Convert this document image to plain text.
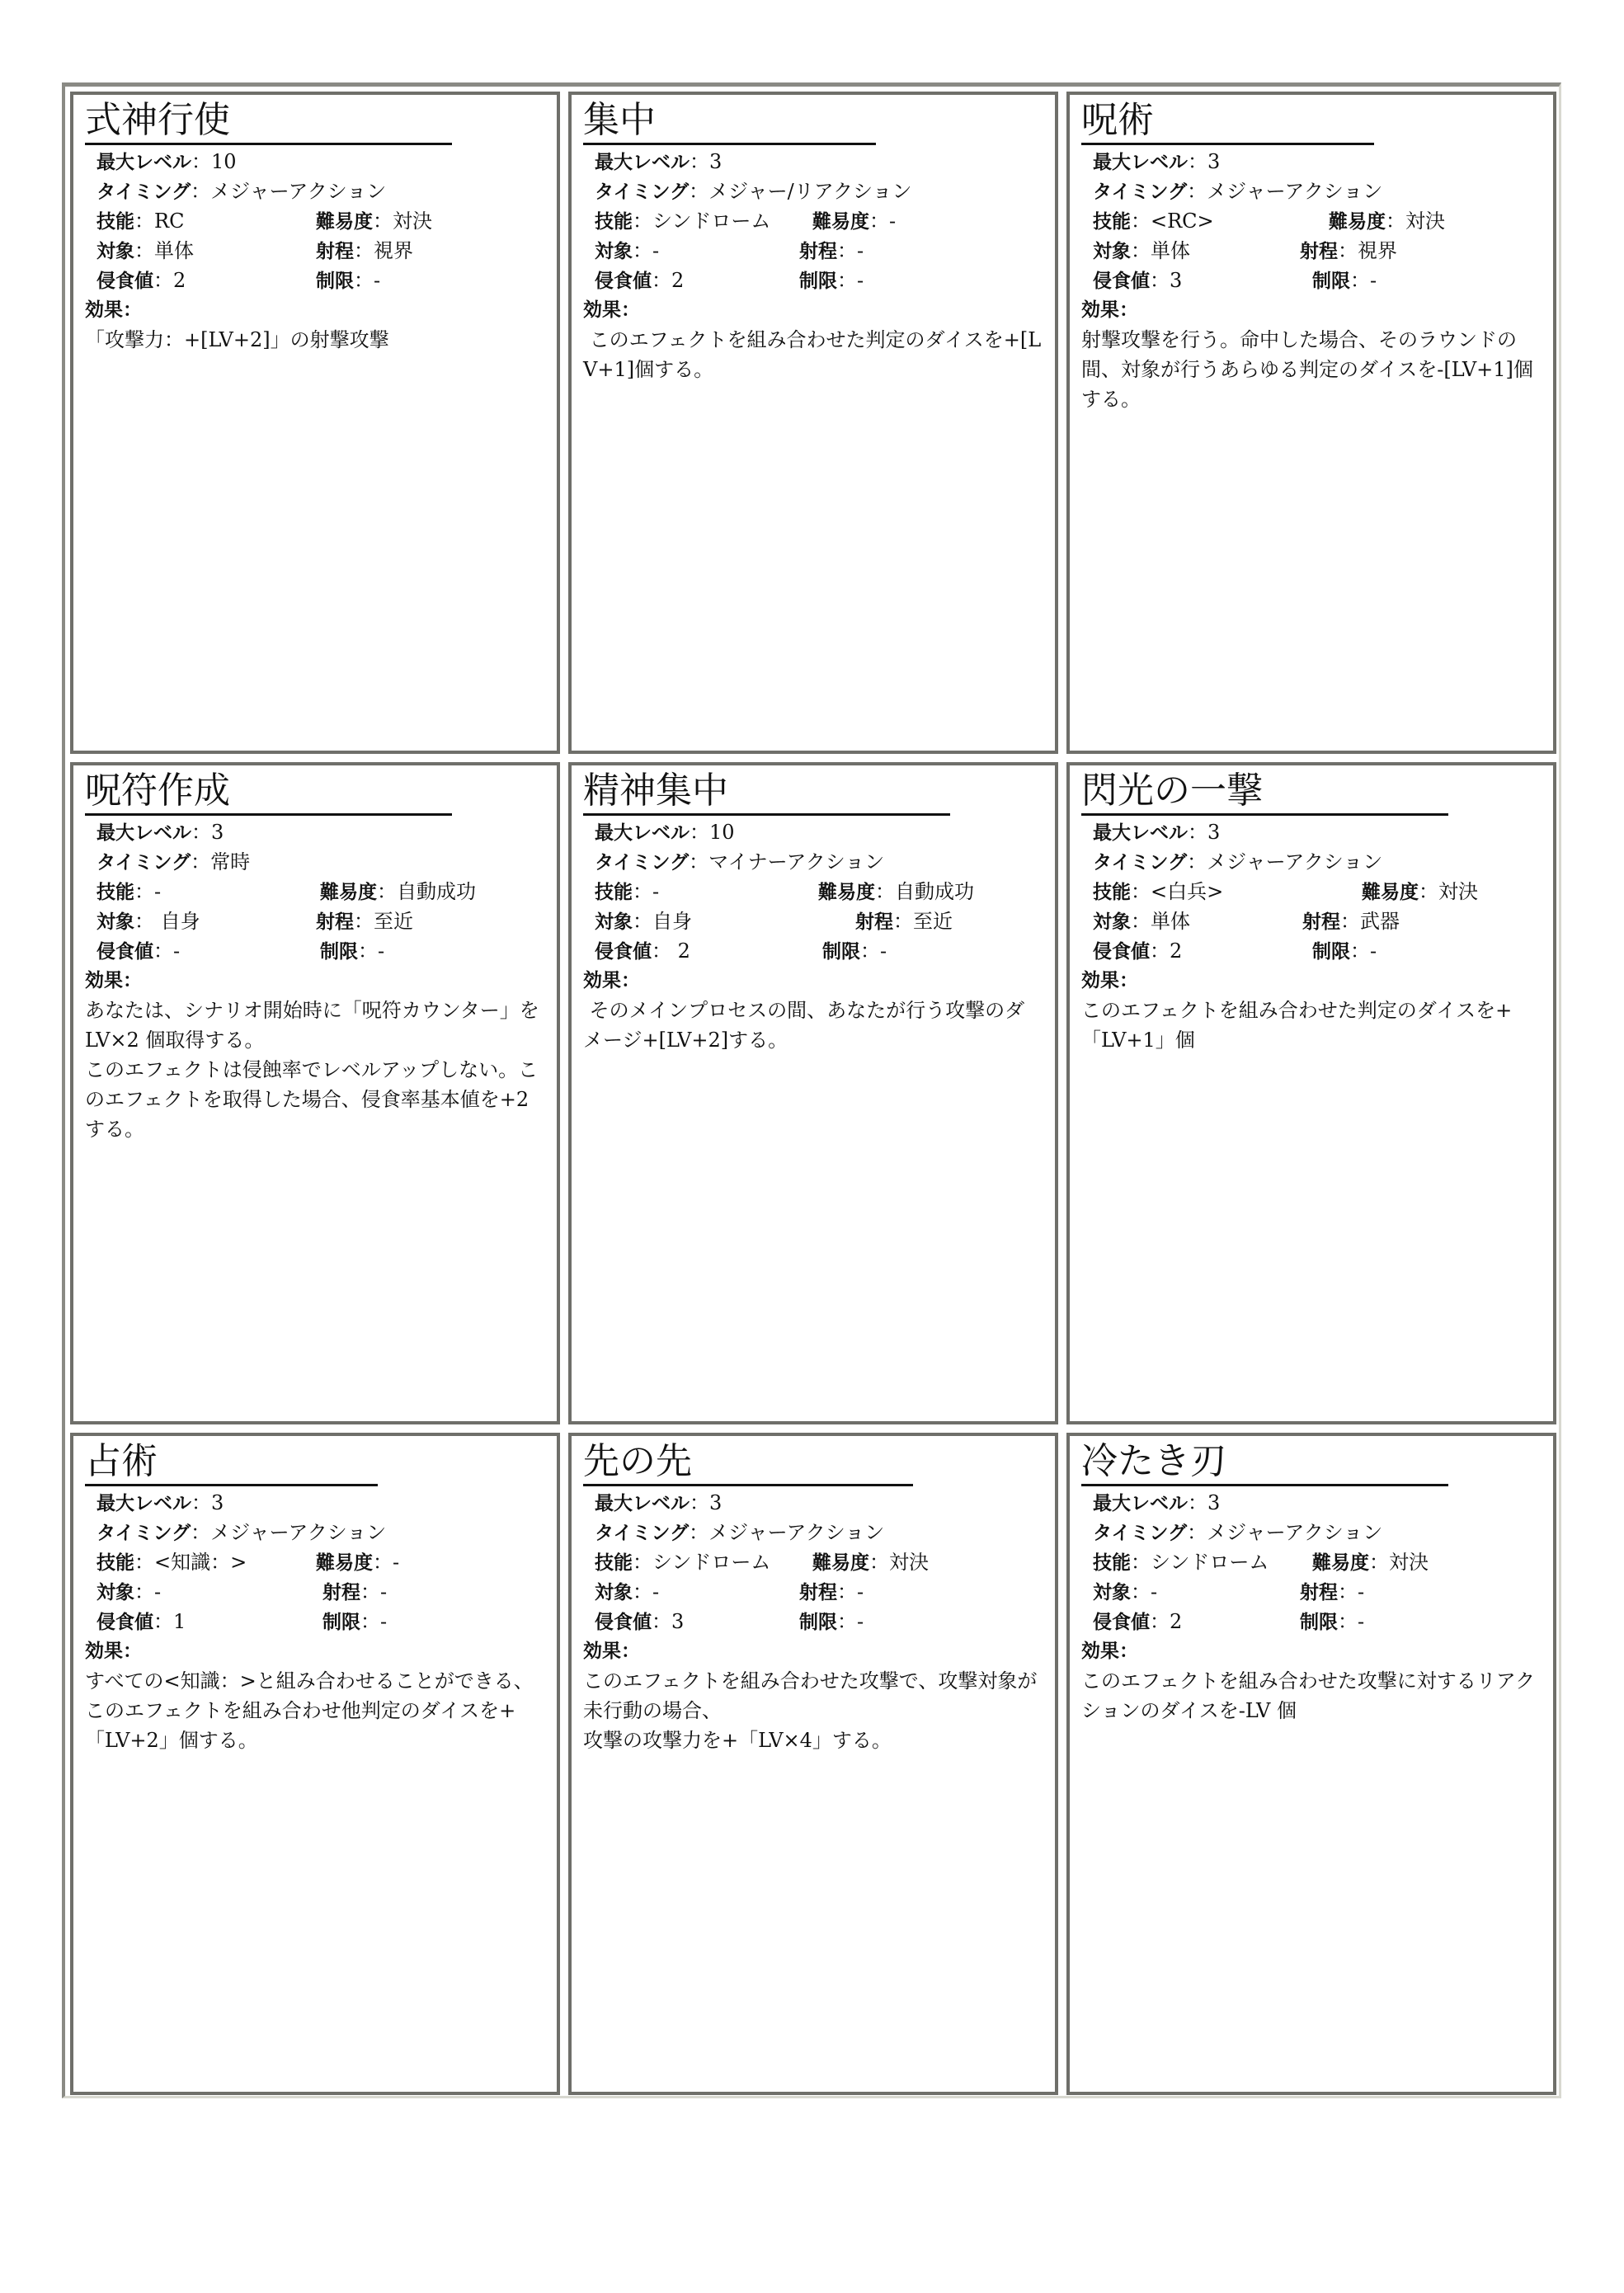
式神行使
最大レベル：10
タイミング：メジャーアクション
技能：RC	難易度：対決
対象：単体	射程：視界
侵食値：2	制限：-
効果：

「攻撃力：+[LV+2]」の射撃攻撃

集中
最大レベル：3
タイミング：メジャー/リアクション
技能：シンドローム 難易度：-
対象：-	射程：-
侵食値：2	制限：-
効果：

このエフェクトを組み合わせた判定のダイスを+[LV+1]個する。

呪術
最大レベル：3
タイミング：メジャーアクション
技能：<RC>	難易度：対決
対象：単体	射程：視界
侵食値：3	制限：-
効果：

射撃攻撃を行う。命中した場合、そのラウンドの間、対象が行うあらゆる判定のダイスを-[LV+1]個する。

呪符作成
最大レベル：3
タイミング：常時
技能：-	難易度：自動成功
対象： 自身	射程：至近
侵食値：-	制限：-
効果：

あなたは、シナリオ開始時に「呪符カウンター」を LV×2 個取得する。
このエフェクトは侵蝕率でレベルアップしない。このエフェクトを取得した場合、侵食率基本値を+2 する。

精神集中
最大レベル：10
タイミング：マイナーアクション
技能：-	難易度：自動成功
対象：自身	射程：至近
侵食値： 2	制限：-
効果：

そのメインプロセスの間、あなたが行う攻撃のダメージ+[LV+2]する。

閃光の一撃
最大レベル：3
タイミング：メジャーアクション
技能：<白兵>	難易度：対決
対象：単体	射程：武器
侵食値：2	制限：-
効果：

このエフェクトを組み合わせた判定のダイスを+「LV+1」個

占術
最大レベル：3
タイミング：メジャーアクション
技能：<知識：>	難易度：-
対象：-	射程：-
侵食値：1	制限：-
効果：

すべての<知識：>と組み合わせることができる、このエフェクトを組み合わせ他判定のダイスを+「LV+2」個する。

先の先
最大レベル：3
タイミング：メジャーアクション
技能：シンドローム 難易度：対決
対象：-	射程：-
侵食値：3	制限：-
効果：

このエフェクトを組み合わせた攻撃で、攻撃対象が未行動の場合、
攻撃の攻撃力を+「LV×4」する。

冷たき刃
最大レベル：3
タイミング：メジャーアクション
技能：シンドローム 難易度：対決
対象：-	射程：-
侵食値：2	制限：-
効果：

このエフェクトを組み合わせた攻撃に対するリアクションのダイスを-LV 個
